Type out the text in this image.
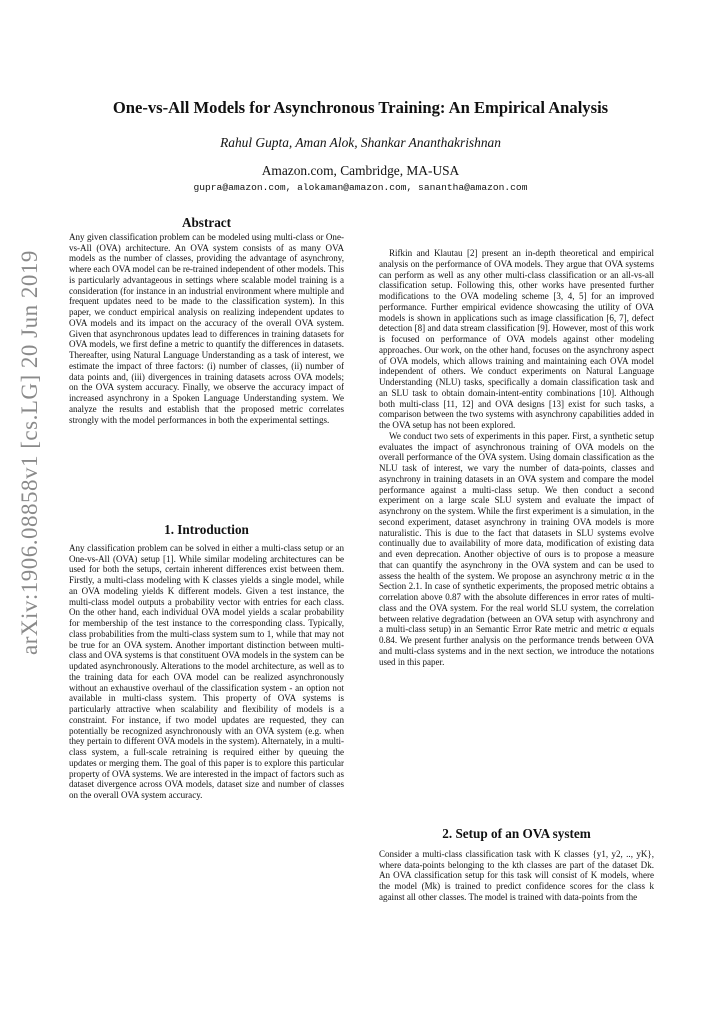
One-vs-All Models for Asynchronous Training: An Empirical Analysis
Rahul Gupta, Aman Alok, Shankar Ananthakrishnan
Amazon.com, Cambridge, MA-USA
gupra@amazon.com, alokaman@amazon.com, sanantha@amazon.com
arXiv:1906.08858v1 [cs.LG] 20 Jun 2019
Abstract

Any given classification problem can be modeled using multi-class or One-vs-All (OVA) architecture. An OVA system consists of as many OVA models as the number of classes, providing the advantage of asynchrony, where each OVA model can be re-trained independent of other models. This is particularly advantageous in settings where scalable model training is a consideration (for instance in an industrial environment where multiple and frequent updates need to be made to the classification system). In this paper, we conduct empirical analysis on realizing independent updates to OVA models and its impact on the accuracy of the overall OVA system. Given that asynchronous updates lead to differences in training datasets for OVA models, we first define a metric to quantify the differences in datasets. Thereafter, using Natural Language Understanding as a task of interest, we estimate the impact of three factors: (i) number of classes, (ii) number of data points and, (iii) divergences in training datasets across OVA models; on the OVA system accuracy. Finally, we observe the accuracy impact of increased asynchrony in a Spoken Language Understanding system. We analyze the results and establish that the proposed metric correlates strongly with the model performances in both the experimental settings.

1. Introduction

Any classification problem can be solved in either a multi-class setup or an One-vs-All (OVA) setup [1]. While similar modeling architectures can be used for both the setups, certain inherent differences exist between them. Firstly, a multi-class modeling with K classes yields a single model, while an OVA modeling yields K different models. Given a test instance, the multi-class model outputs a probability vector with entries for each class. On the other hand, each individual OVA model yields a scalar probability for membership of the test instance to the corresponding class. Typically, class probabilities from the multi-class system sum to 1, while that may not be true for an OVA system. Another important distinction between multi-class and OVA systems is that constituent OVA models in the system can be updated asynchronously. Alterations to the model architecture, as well as to the training data for each OVA model can be realized asynchronously without an exhaustive overhaul of the classification system - an option not available in multi-class system. This property of OVA systems is particularly attractive when scalability and flexibility of models is a constraint. For instance, if two model updates are requested, they can potentially be recognized asynchronously with an OVA system (e.g. when they pertain to different OVA models in the system). Alternately, in a multi-class system, a full-scale retraining is required either by queuing the updates or merging them. The goal of this paper is to explore this particular property of OVA systems. We are interested in the impact of factors such as dataset divergence across OVA models, dataset size and number of classes on the overall OVA system accuracy.

Rifkin and Klautau [2] present an in-depth theoretical and empirical analysis on the performance of OVA models. They argue that OVA systems can perform as well as any other multi-class classification or an all-vs-all classification setup. Following this, other works have presented further modifications to the OVA modeling scheme [3, 4, 5] for an improved performance. Further empirical evidence showcasing the utility of OVA models is shown in applications such as image classification [6, 7], defect detection [8] and data stream classification [9]. However, most of this work is focused on performance of OVA models against other modeling approaches. Our work, on the other hand, focuses on the asynchrony aspect of OVA models, which allows training and maintaining each OVA model independent of others. We conduct experiments on Natural Language Understanding (NLU) tasks, specifically a domain classification task and an SLU task to obtain domain-intent-entity combinations [10]. Although both multi-class [11, 12] and OVA designs [13] exist for such tasks, a comparison between the two systems with asynchrony capabilities added in the OVA setup has not been explored.

We conduct two sets of experiments in this paper. First, a synthetic setup evaluates the impact of asynchronous training of OVA models on the overall performance of the OVA system. Using domain classification as the NLU task of interest, we vary the number of data-points, classes and asynchrony in training datasets in an OVA system and compare the model performance against a multi-class setup. We then conduct a second experiment on a large scale SLU system and evaluate the impact of asynchrony on the system. While the first experiment is a simulation, in the second experiment, dataset asynchrony in training OVA models is more naturalistic. This is due to the fact that datasets in SLU systems evolve continually due to availability of more data, modification of existing data and even deprecation. Another objective of ours is to propose a measure that can quantify the asynchrony in the OVA system and can be used to assess the health of the system. We propose an asynchrony metric α in the Section 2.1. In case of synthetic experiments, the proposed metric obtains a correlation above 0.87 with the absolute differences in error rates of multi-class and the OVA system. For the real world SLU system, the correlation between relative degradation (between an OVA setup with asynchrony and a multi-class setup) in an Semantic Error Rate metric and metric α equals 0.84. We present further analysis on the performance trends between OVA and multi-class systems and in the next section, we introduce the notations used in this paper.

2. Setup of an OVA system

Consider a multi-class classification task with K classes {y1, y2, .., yK}, where data-points belonging to the kth classes are part of the dataset Dk. An OVA classification setup for this task will consist of K models, where the model (Mk) is trained to predict confidence scores for the class k against all other classes. The model is trained with data-points from the
